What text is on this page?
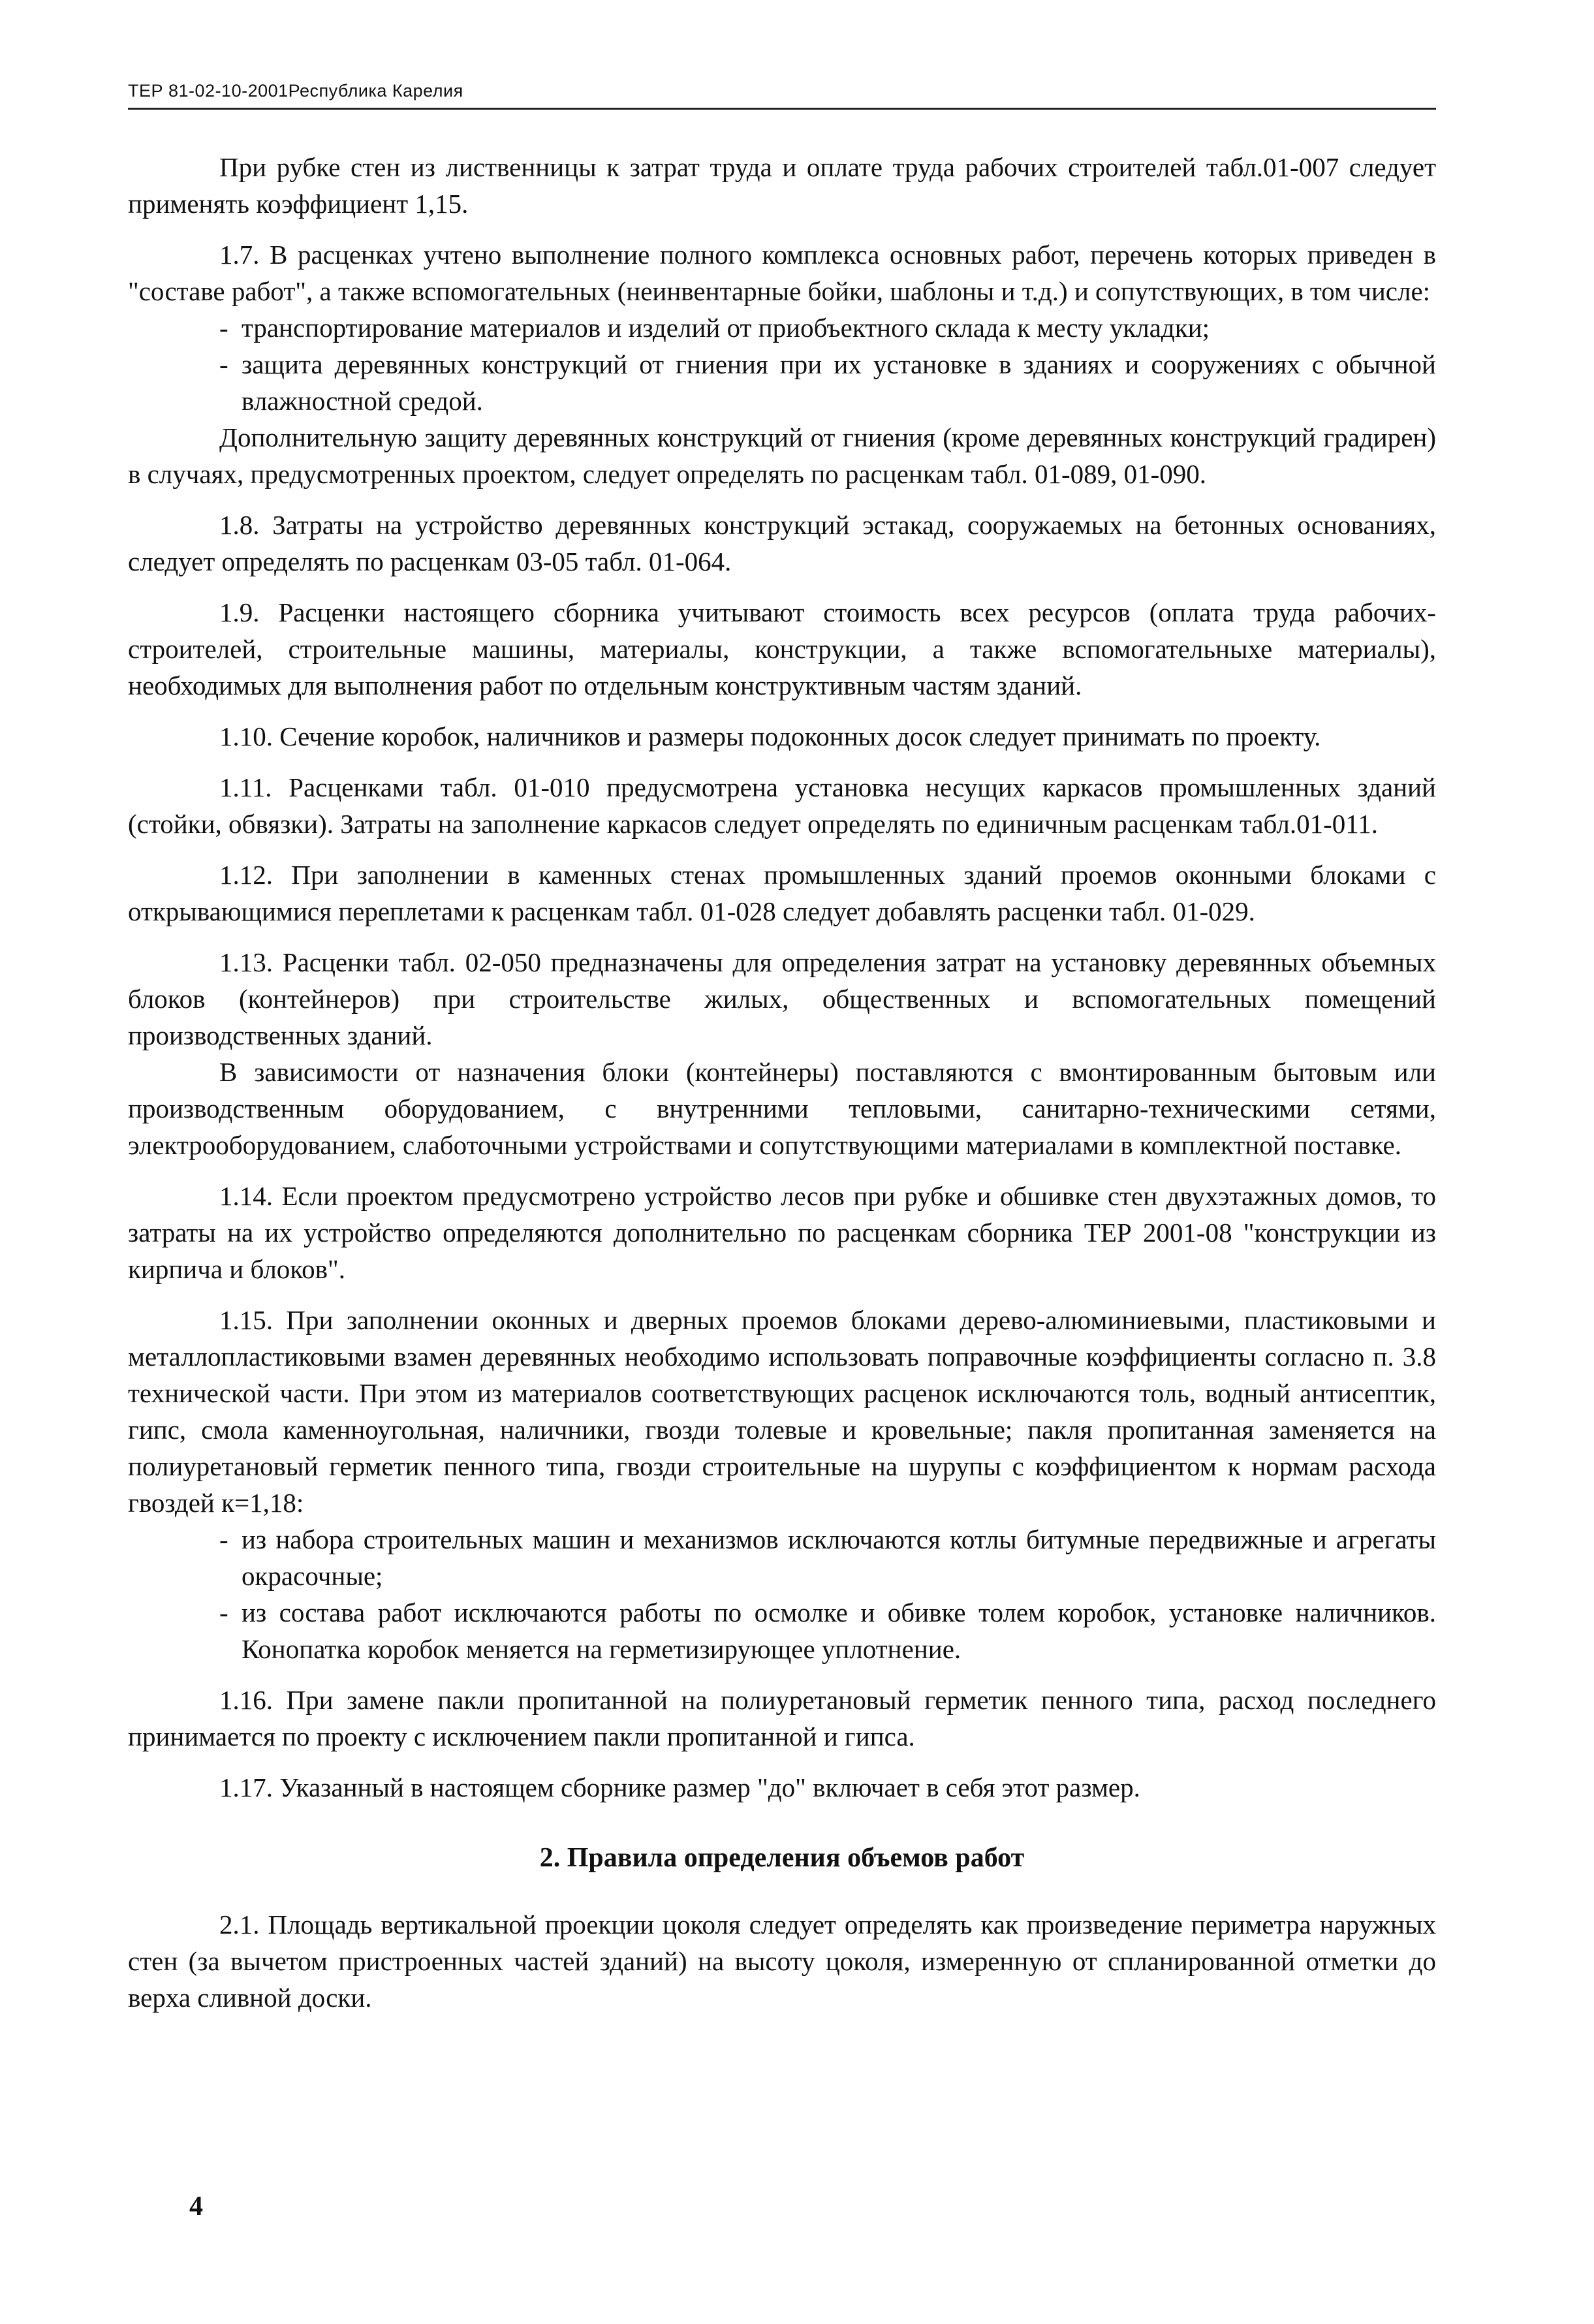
ТЕР 81-02-10-2001Республика Карелия

При рубке стен из лиственницы к затрат труда и оплате труда рабочих строителей табл.01-007 следует применять коэффициент 1,15.

1.7. В расценках учтено выполнение полного комплекса основных работ, перечень которых приведен в "составе работ", а также вспомогательных (неинвентарные бойки, шаблоны и т.д.) и сопутствующих, в том числе:

- транспортирование материалов и изделий от приобъектного склада к месту укладки;
- защита деревянных конструкций от гниения при их установке в зданиях и сооружениях с обычной влажностной средой.

Дополнительную защиту деревянных конструкций от гниения (кроме деревянных конструкций градирен) в случаях, предусмотренных проектом, следует определять по расценкам табл. 01-089, 01-090.

1.8. Затраты на устройство деревянных конструкций эстакад, сооружаемых на бетонных основаниях, следует определять по расценкам 03-05 табл. 01-064.

1.9. Расценки настоящего сборника учитывают стоимость всех ресурсов (оплата труда рабочих-строителей, строительные машины, материалы, конструкции, а также вспомогательныхе материалы), необходимых для выполнения работ по отдельным конструктивным частям зданий.

1.10. Сечение коробок, наличников и размеры подоконных досок следует принимать по проекту.

1.11. Расценками табл. 01-010 предусмотрена установка несущих каркасов промышленных зданий (стойки, обвязки). Затраты на заполнение каркасов следует определять по единичным расценкам табл.01-011.

1.12. При заполнении в каменных стенах промышленных зданий проемов оконными блоками с открывающимися переплетами к расценкам табл. 01-028 следует добавлять расценки табл. 01-029.

1.13. Расценки табл. 02-050 предназначены для определения затрат на установку деревянных объемных блоков (контейнеров) при строительстве жилых, общественных и вспомогательных помещений производственных зданий.

В зависимости от назначения блоки (контейнеры) поставляются с вмонтированным бытовым или производственным оборудованием, с внутренними тепловыми, санитарно-техническими сетями, электрооборудованием, слаботочными устройствами и сопутствующими материалами в комплектной поставке.

1.14. Если проектом предусмотрено устройство лесов при рубке и обшивке стен двухэтажных домов, то затраты на их устройство определяются дополнительно по расценкам сборника ТЕР 2001-08 "конструкции из кирпича и блоков".

1.15. При заполнении оконных и дверных проемов блоками дерево-алюминиевыми, пластиковыми и металлопластиковыми взамен деревянных необходимо использовать поправочные коэффициенты согласно п. 3.8 технической части. При этом из материалов соответствующих расценок исключаются толь, водный антисептик, гипс, смола каменноугольная, наличники, гвозди толевые и кровельные; пакля пропитанная заменяется на полиуретановый герметик пенного типа, гвозди строительные на шурупы с коэффициентом к нормам расхода гвоздей к=1,18:

- из набора строительных машин и механизмов исключаются котлы битумные передвижные и агрегаты окрасочные;
- из состава работ исключаются работы по осмолке и обивке толем коробок, установке наличников. Конопатка коробок меняется на герметизирующее уплотнение.

1.16. При замене пакли пропитанной на полиуретановый герметик пенного типа, расход последнего принимается по проекту с исключением пакли пропитанной и гипса.

1.17. Указанный в настоящем сборнике размер "до" включает в себя этот размер.

2. Правила определения объемов работ

2.1. Площадь вертикальной проекции цоколя следует определять как произведение периметра наружных стен (за вычетом пристроенных частей зданий) на высоту цоколя, измеренную от спланированной отметки до верха сливной доски.

4
